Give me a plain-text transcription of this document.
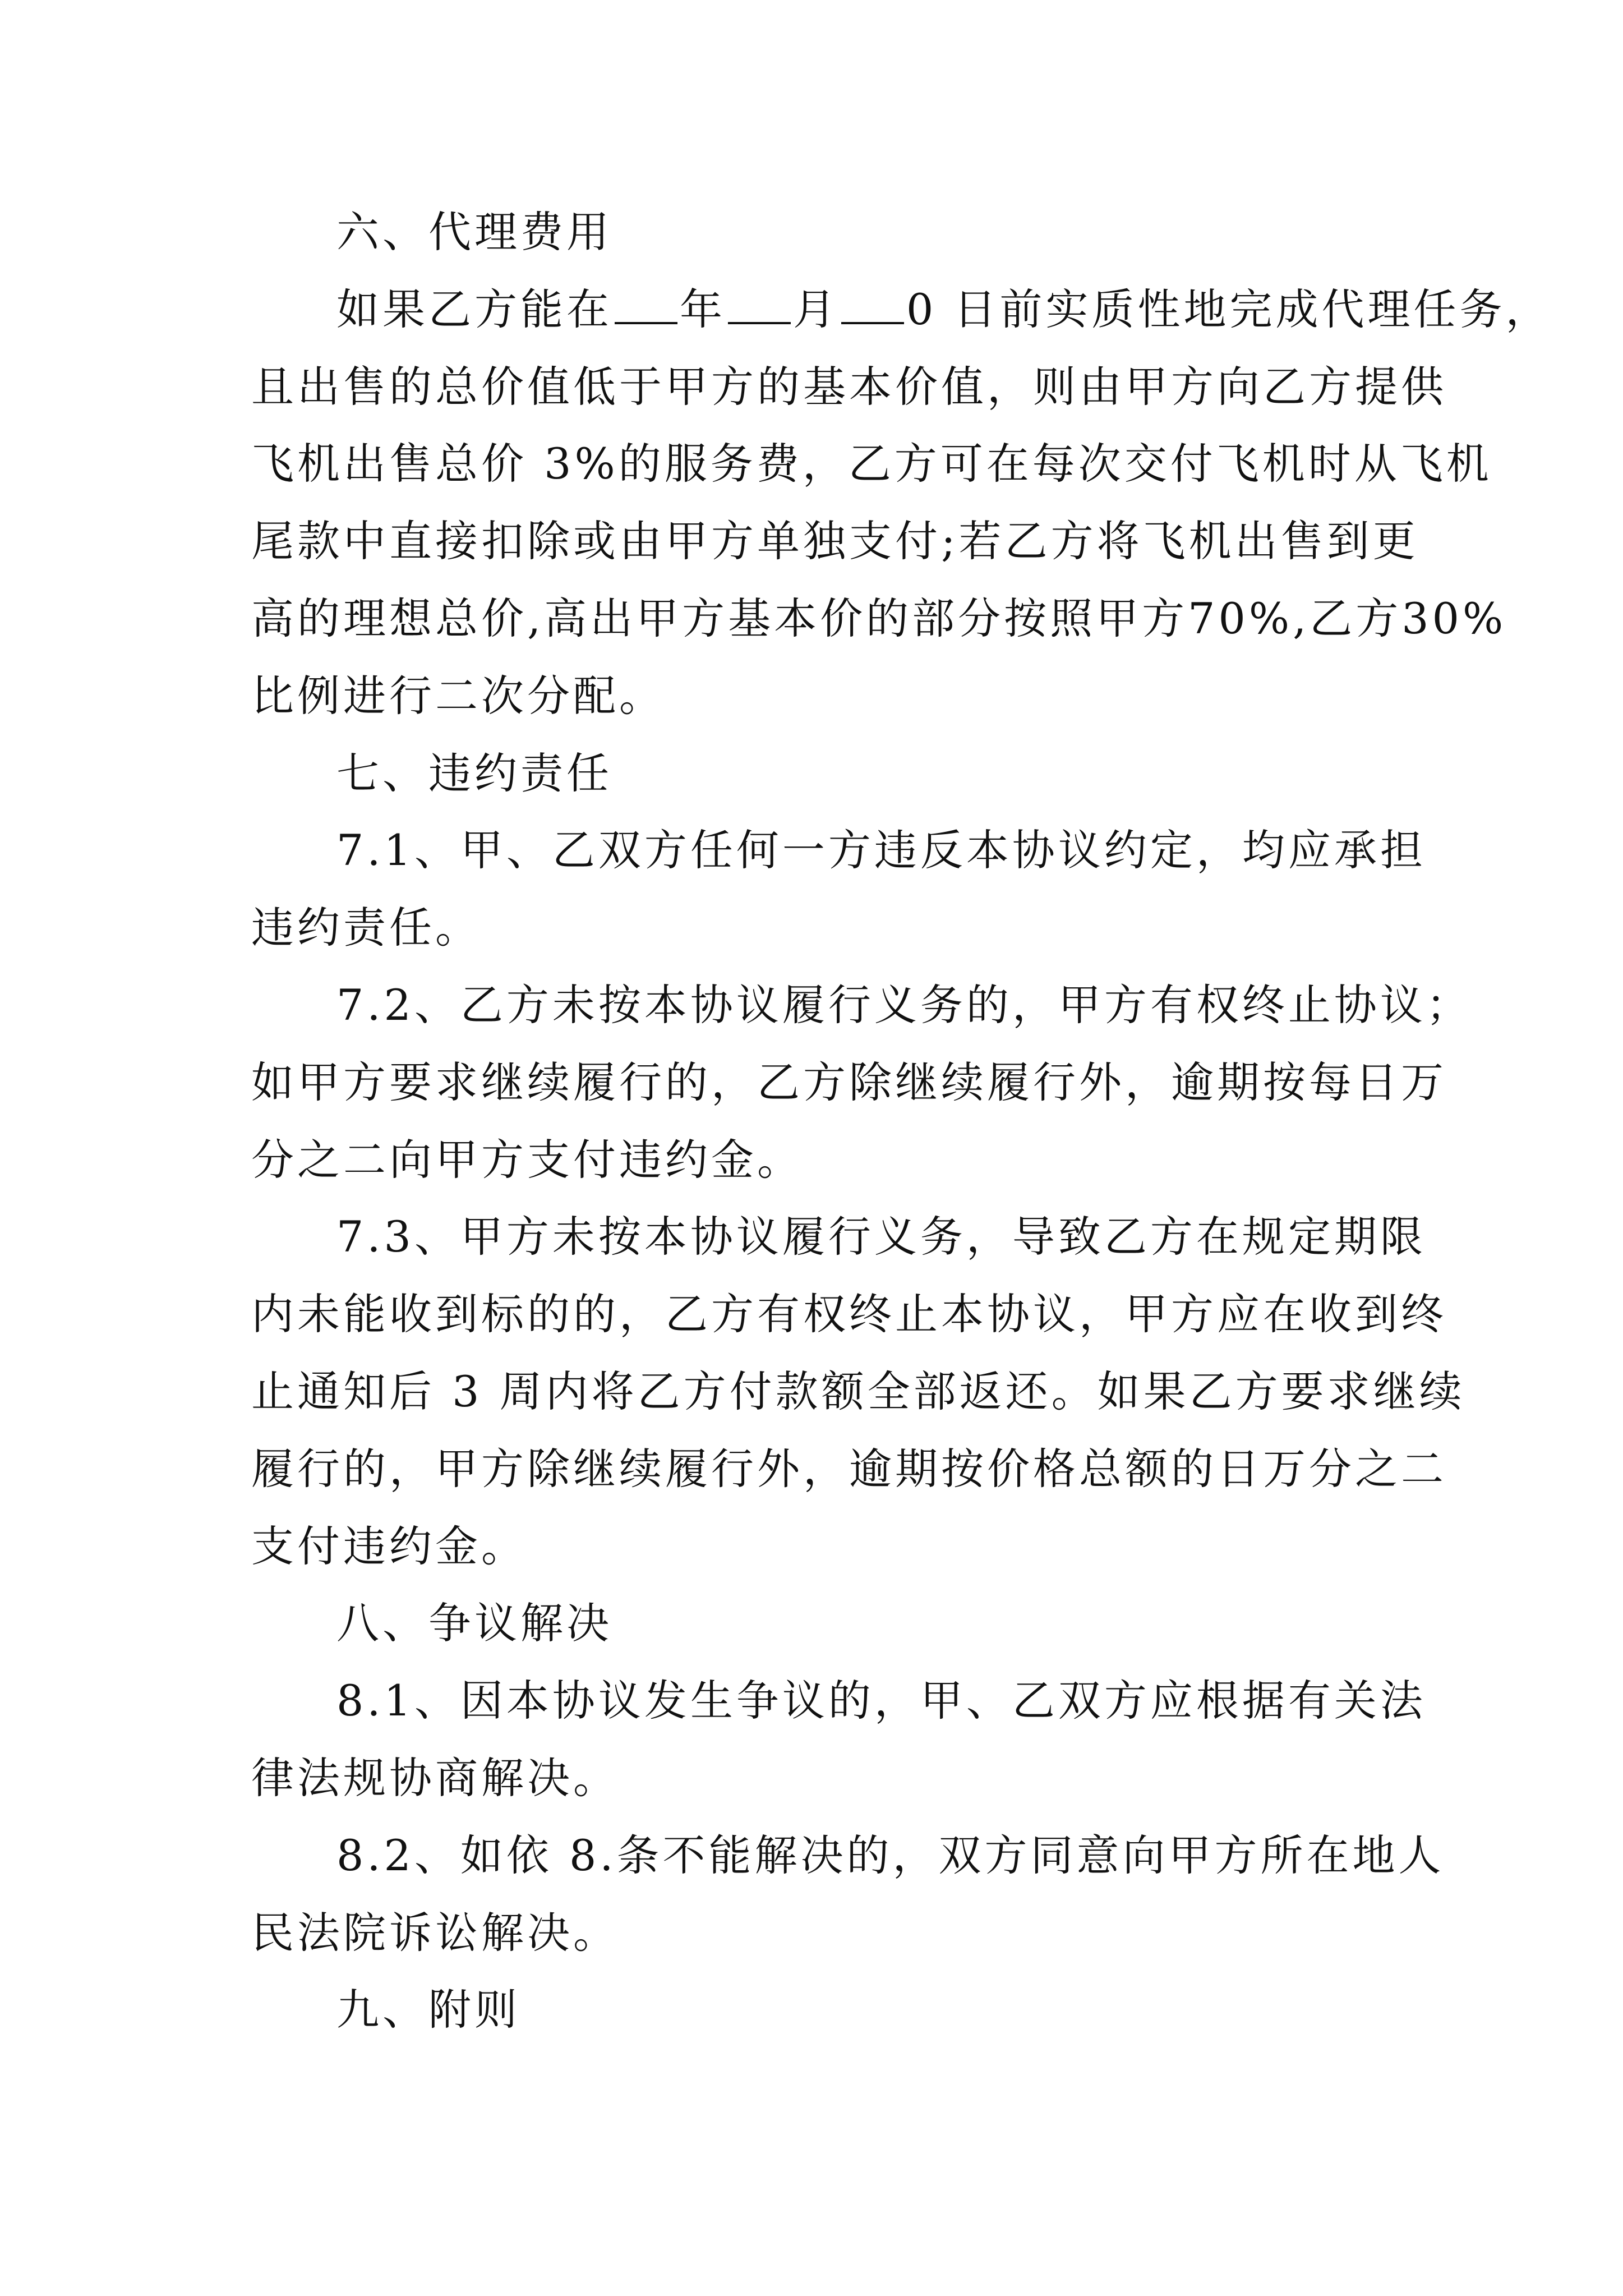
六、代理费用
如果乙方能在 年 月 0 日前实质性地完成代理任务，
且出售的总价值低于甲方的基本价值，则由甲方向乙方提供
飞机出售总价 3%的服务费，乙方可在每次交付飞机时从飞机
尾款中直接扣除或由甲方单独支付;若乙方将飞机出售到更
高的理想总价,高出甲方基本价的部分按照甲方70%,乙方30%
比例进行二次分配。
七、违约责任
7.1、甲、乙双方任何一方违反本协议约定，均应承担
违约责任。
7.2、乙方未按本协议履行义务的，甲方有权终止协议；
如甲方要求继续履行的，乙方除继续履行外，逾期按每日万
分之二向甲方支付违约金。
7.3、甲方未按本协议履行义务，导致乙方在规定期限
内未能收到标的的，乙方有权终止本协议，甲方应在收到终
止通知后 3 周内将乙方付款额全部返还。如果乙方要求继续
履行的，甲方除继续履行外，逾期按价格总额的日万分之二
支付违约金。
八、争议解决
8.1、因本协议发生争议的，甲、乙双方应根据有关法
律法规协商解决。
8.2、如依 8.条不能解决的，双方同意向甲方所在地人
民法院诉讼解决。
九、附则
